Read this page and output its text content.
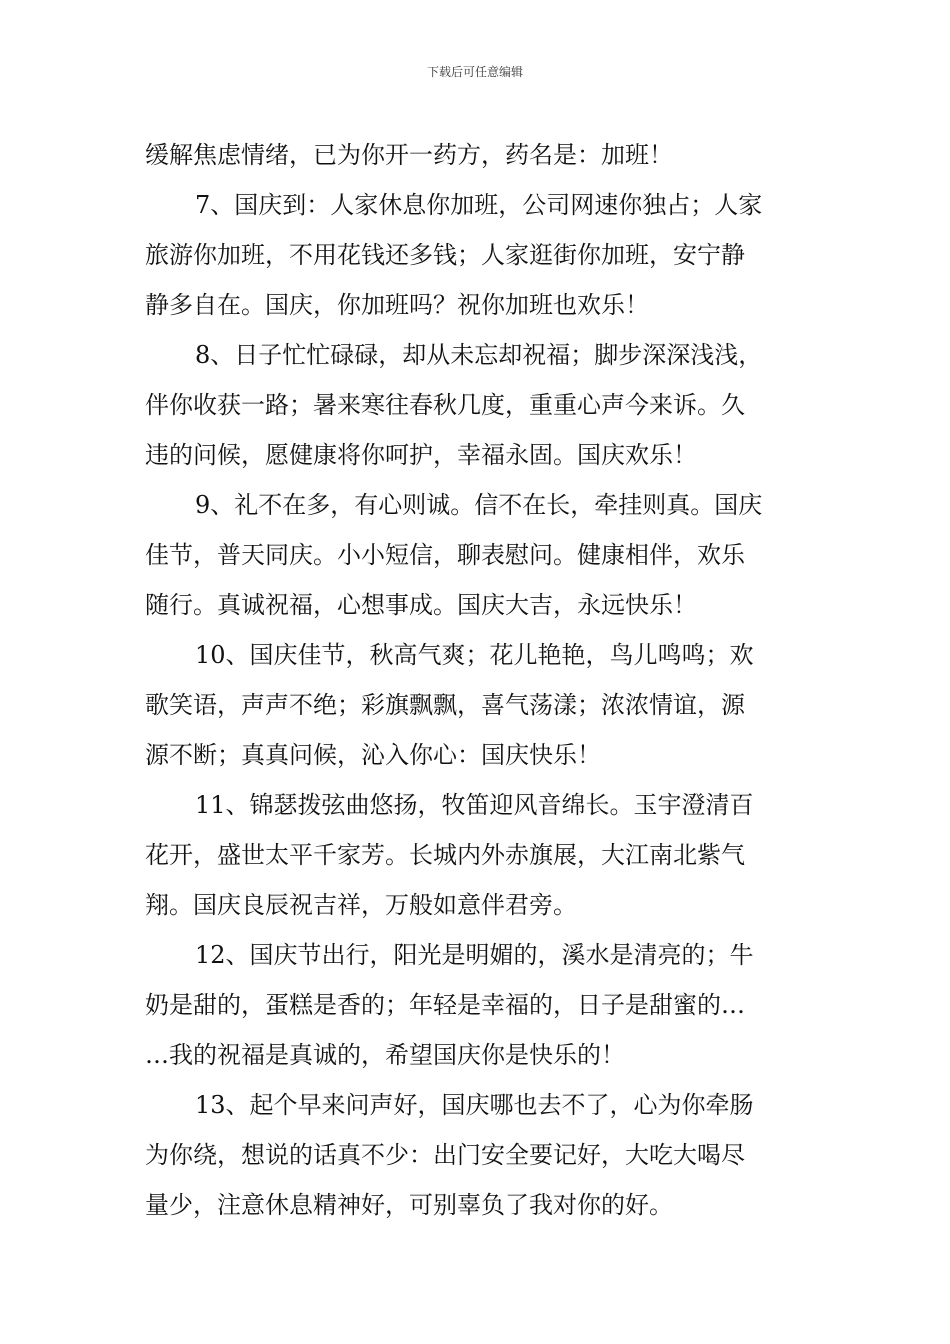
下载后可任意编辑
缓解焦虑情绪，已为你开一药方，药名是：加班！
7、国庆到：人家休息你加班，公司网速你独占；人家
旅游你加班，不用花钱还多钱；人家逛街你加班，安宁静
静多自在。国庆，你加班吗？祝你加班也欢乐！
8、日子忙忙碌碌，却从未忘却祝福；脚步深深浅浅，
伴你收获一路；暑来寒往春秋几度，重重心声今来诉。久
违的问候，愿健康将你呵护，幸福永固。国庆欢乐！
9、礼不在多，有心则诚。信不在长，牵挂则真。国庆
佳节，普天同庆。小小短信，聊表慰问。健康相伴，欢乐
随行。真诚祝福，心想事成。国庆大吉，永远快乐！
10、国庆佳节，秋高气爽；花儿艳艳，鸟儿鸣鸣；欢
歌笑语，声声不绝；彩旗飘飘，喜气荡漾；浓浓情谊，源
源不断；真真问候，沁入你心：国庆快乐！
11、锦瑟拨弦曲悠扬，牧笛迎风音绵长。玉宇澄清百
花开，盛世太平千家芳。长城内外赤旗展，大江南北紫气
翔。国庆良辰祝吉祥，万般如意伴君旁。
12、国庆节出行，阳光是明媚的，溪水是清亮的；牛
奶是甜的，蛋糕是香的；年轻是幸福的，日子是甜蜜的…
…我的祝福是真诚的，希望国庆你是快乐的！
13、起个早来问声好，国庆哪也去不了，心为你牵肠
为你绕，想说的话真不少：出门安全要记好，大吃大喝尽
量少，注意休息精神好，可别辜负了我对你的好。
